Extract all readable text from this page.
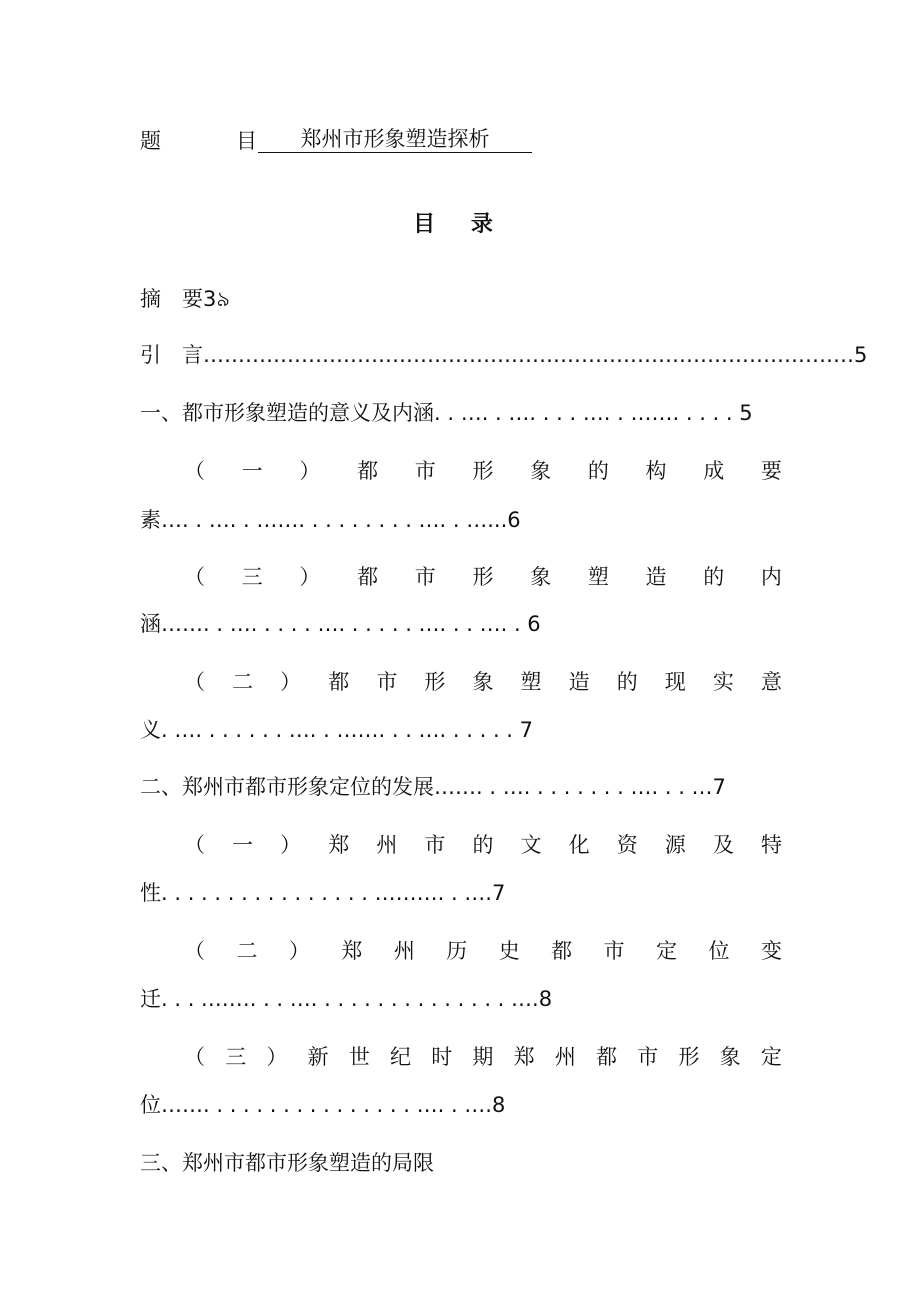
题	目	郑州市形象塑造探析
目 录
摘　要3৯
引　言…………………………………………………………………………………5
一、都市形象塑造的意义及内涵. . …. . …. . . . …. . ……. . . . . 5
（ 一 ） 都 市 形 象 的 构 成 要
素…. . …. . ……. . . . . . . . . …. . …...6
（ 三 ） 都 市 形 象 塑 造 的 内
涵……. . …. . . . . …. . . . . . …. . . …. . 6
（ 二 ） 都 市 形 象 塑 造 的 现 实 意
义. …. . . . . . . …. . ……. . . …. . . . . . 7
二、郑州市都市形象定位的发展……. . …. . . . . . . . …. . . …7
（ 一 ） 郑 州 市 的 文 化 资 源 及 特
性. . . . . . . . . . . . . . . . ………. . ….7
（ 二 ） 郑 州 历 史 都 市 定 位 变
迁. . . .……. . . …. . . . . . . . . . . . . . . ….8
（ 三 ） 新 世 纪 时 期 郑 州 都 市 形 象 定
位……. . . . . . . . . . . . . . . . …. . ….8
三、郑州市都市形象塑造的局限
